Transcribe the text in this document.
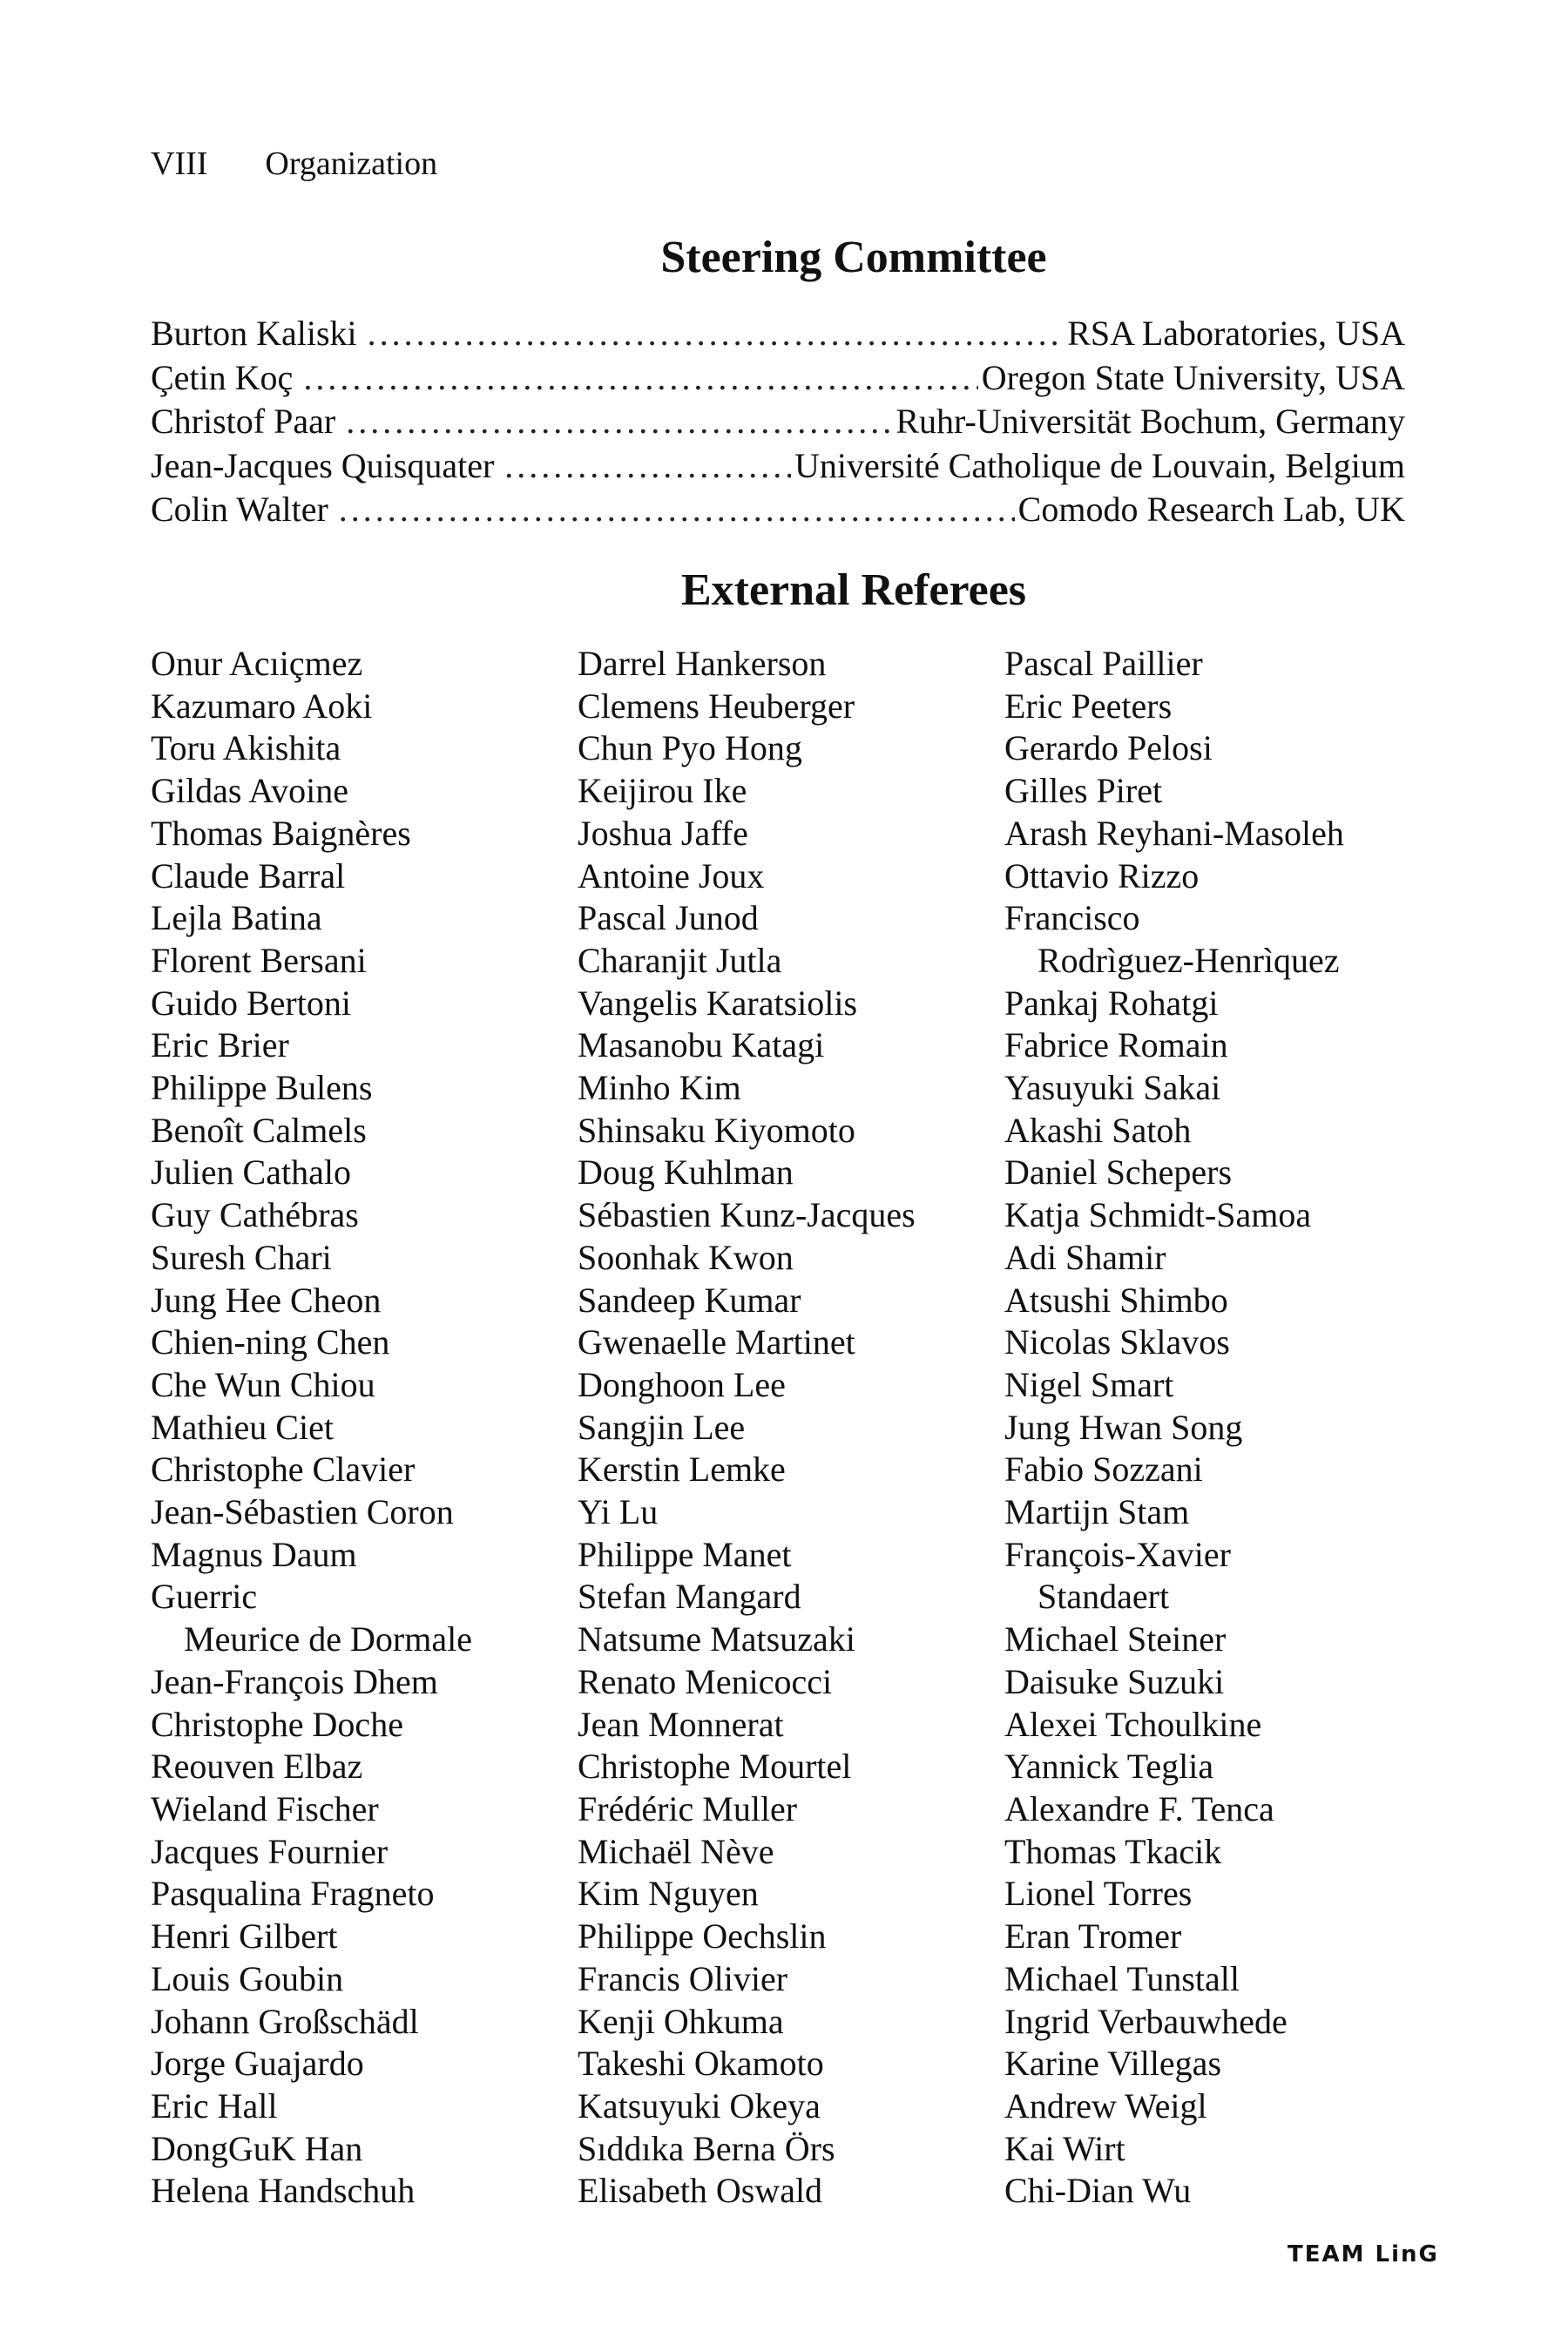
VIII Organization
Steering Committee
Burton Kaliski . . .	RSA Laboratories, USA
Çetin Koç . . .	Oregon State University, USA
Christof Paar . . .	Ruhr-Universität Bochum, Germany
Jean-Jacques Quisquater . . .	Université Catholique de Louvain, Belgium
Colin Walter . . .	Comodo Research Lab, UK
External Referees
Onur Acıiçmez
Kazumaro Aoki
Toru Akishita
Gildas Avoine
Thomas Baignères
Claude Barral
Lejla Batina
Florent Bersani
Guido Bertoni
Eric Brier
Philippe Bulens
Benoît Calmels
Julien Cathalo
Guy Cathébras
Suresh Chari
Jung Hee Cheon
Chien-ning Chen
Che Wun Chiou
Mathieu Ciet
Christophe Clavier
Jean-Sébastien Coron
Magnus Daum
Guerric
Meurice de Dormale
Jean-François Dhem
Christophe Doche
Reouven Elbaz
Wieland Fischer
Jacques Fournier
Pasqualina Fragneto
Henri Gilbert
Louis Goubin
Johann Großschädl
Jorge Guajardo
Eric Hall
DongGuK Han
Helena Handschuh
Darrel Hankerson
Clemens Heuberger
Chun Pyo Hong
Keijirou Ike
Joshua Jaffe
Antoine Joux
Pascal Junod
Charanjit Jutla
Vangelis Karatsiolis
Masanobu Katagi
Minho Kim
Shinsaku Kiyomoto
Doug Kuhlman
Sébastien Kunz-Jacques
Soonhak Kwon
Sandeep Kumar
Gwenaelle Martinet
Donghoon Lee
Sangjin Lee
Kerstin Lemke
Yi Lu
Philippe Manet
Stefan Mangard
Natsume Matsuzaki
Renato Menicocci
Jean Monnerat
Christophe Mourtel
Frédéric Muller
Michaël Nève
Kim Nguyen
Philippe Oechslin
Francis Olivier
Kenji Ohkuma
Takeshi Okamoto
Katsuyuki Okeya
Sıddıka Berna Örs
Elisabeth Oswald
Pascal Paillier
Eric Peeters
Gerardo Pelosi
Gilles Piret
Arash Reyhani-Masoleh
Ottavio Rizzo
Francisco
Rodrìguez-Henrìquez
Pankaj Rohatgi
Fabrice Romain
Yasuyuki Sakai
Akashi Satoh
Daniel Schepers
Katja Schmidt-Samoa
Adi Shamir
Atsushi Shimbo
Nicolas Sklavos
Nigel Smart
Jung Hwan Song
Fabio Sozzani
Martijn Stam
François-Xavier
Standaert
Michael Steiner
Daisuke Suzuki
Alexei Tchoulkine
Yannick Teglia
Alexandre F. Tenca
Thomas Tkacik
Lionel Torres
Eran Tromer
Michael Tunstall
Ingrid Verbauwhede
Karine Villegas
Andrew Weigl
Kai Wirt
Chi-Dian Wu
TEAM LinG
